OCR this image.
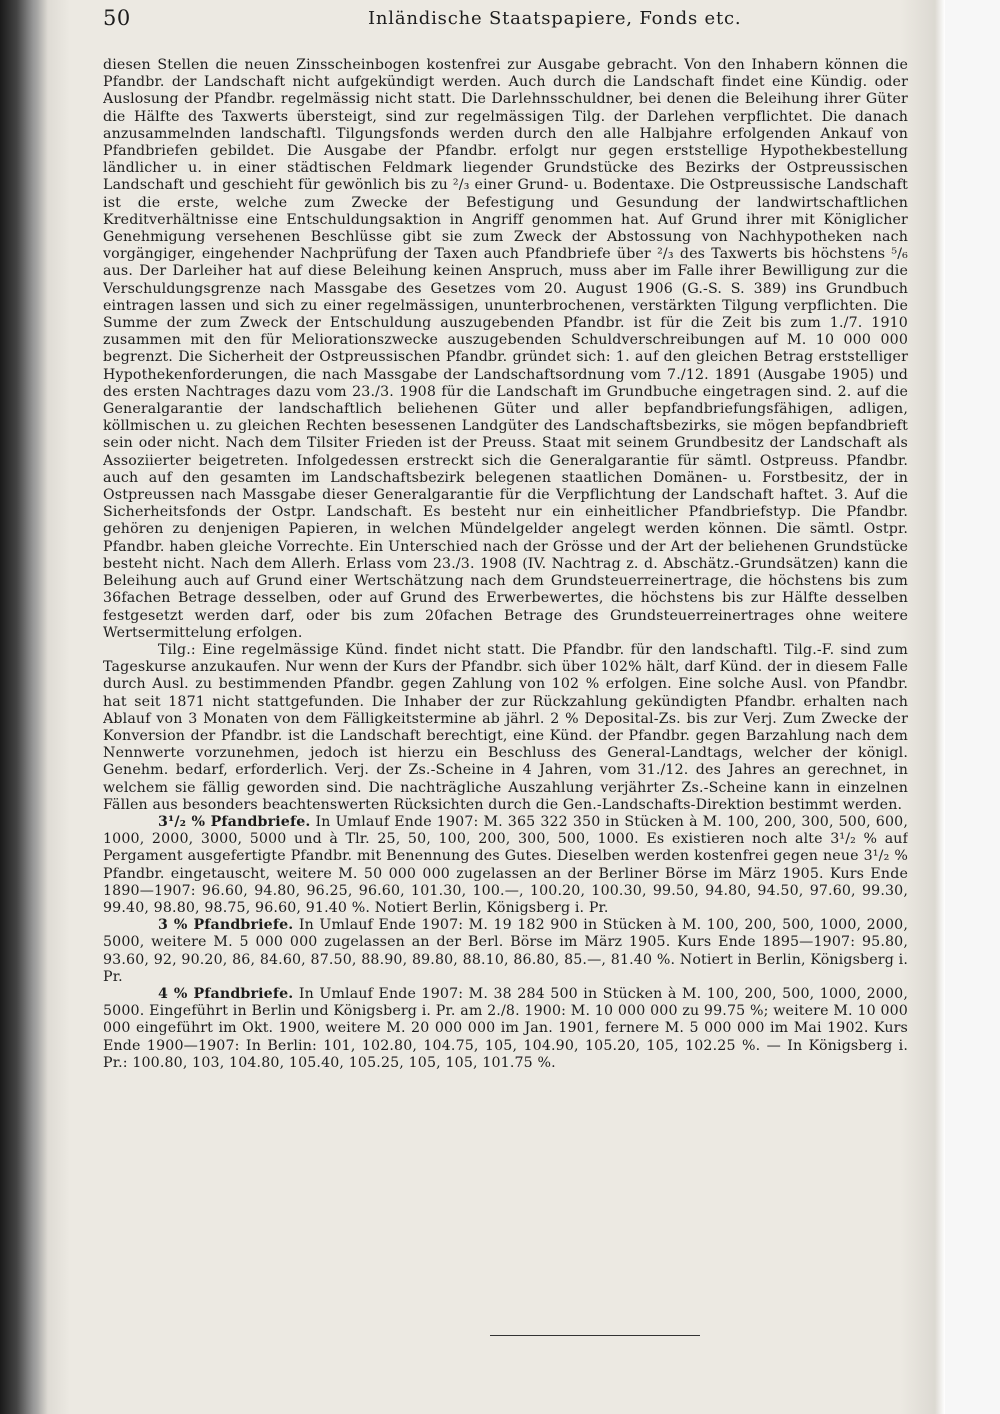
50	Inländische Staatspapiere, Fonds etc.

diesen Stellen die neuen Zinsscheinbogen kostenfrei zur Ausgabe gebracht. Von den Inhabern können die Pfandbr. der Landschaft nicht aufgekündigt werden. Auch durch die Landschaft findet eine Kündig. oder Auslosung der Pfandbr. regelmässig nicht statt. Die Darlehnsschuldner, bei denen die Beleihung ihrer Güter die Hälfte des Taxwerts übersteigt, sind zur regelmässigen Tilg. der Darlehen verpflichtet. Die danach anzusammelnden landschaftl. Tilgungsfonds werden durch den alle Halbjahre erfolgenden Ankauf von Pfandbriefen gebildet. Die Ausgabe der Pfandbr. erfolgt nur gegen erststellige Hypothekbestellung ländlicher u. in einer städtischen Feldmark liegender Grundstücke des Bezirks der Ostpreussischen Landschaft und geschieht für gewönlich bis zu ²/₃ einer Grund- u. Bodentaxe. Die Ostpreussische Landschaft ist die erste, welche zum Zwecke der Befestigung und Gesundung der landwirtschaftlichen Kreditverhältnisse eine Entschuldungsaktion in Angriff genommen hat. Auf Grund ihrer mit Königlicher Genehmigung versehenen Beschlüsse gibt sie zum Zweck der Abstossung von Nachhypotheken nach vorgängiger, eingehender Nachprüfung der Taxen auch Pfandbriefe über ²/₃ des Taxwerts bis höchstens ⁵/₆ aus. Der Darleiher hat auf diese Beleihung keinen Anspruch, muss aber im Falle ihrer Bewilligung zur die Verschuldungsgrenze nach Massgabe des Gesetzes vom 20. August 1906 (G.-S. S. 389) ins Grundbuch eintragen lassen und sich zu einer regelmässigen, ununterbrochenen, verstärkten Tilgung verpflichten. Die Summe der zum Zweck der Entschuldung auszugebenden Pfandbr. ist für die Zeit bis zum 1./7. 1910 zusammen mit den für Meliorationszwecke auszugebenden Schuldverschreibungen auf M. 10 000 000 begrenzt. Die Sicherheit der Ostpreussischen Pfandbr. gründet sich: 1. auf den gleichen Betrag erststelliger Hypothekenforderungen, die nach Massgabe der Landschaftsordnung vom 7./12. 1891 (Ausgabe 1905) und des ersten Nachtrages dazu vom 23./3. 1908 für die Landschaft im Grundbuche eingetragen sind. 2. auf die Generalgarantie der landschaftlich beliehenen Güter und aller bepfandbriefungsfähigen, adligen, köllmischen u. zu gleichen Rechten besessenen Landgüter des Landschaftsbezirks, sie mögen bepfandbrieft sein oder nicht. Nach dem Tilsiter Frieden ist der Preuss. Staat mit seinem Grundbesitz der Landschaft als Assoziierter beigetreten. Infolgedessen erstreckt sich die Generalgarantie für sämtl. Ostpreuss. Pfandbr. auch auf den gesamten im Landschaftsbezirk belegenen staatlichen Domänen- u. Forstbesitz, der in Ostpreussen nach Massgabe dieser Generalgarantie für die Verpflichtung der Landschaft haftet. 3. Auf die Sicherheitsfonds der Ostpr. Landschaft. Es besteht nur ein einheitlicher Pfandbriefstyp. Die Pfandbr. gehören zu denjenigen Papieren, in welchen Mündelgelder angelegt werden können. Die sämtl. Ostpr. Pfandbr. haben gleiche Vorrechte. Ein Unterschied nach der Grösse und der Art der beliehenen Grundstücke besteht nicht. Nach dem Allerh. Erlass vom 23./3. 1908 (IV. Nachtrag z. d. Abschätz.-Grundsätzen) kann die Beleihung auch auf Grund einer Wertschätzung nach dem Grundsteuerreinertrage, die höchstens bis zum 36fachen Betrage desselben, oder auf Grund des Erwerbewertes, die höchstens bis zur Hälfte desselben festgesetzt werden darf, oder bis zum 20fachen Betrage des Grundsteuerreinertrages ohne weitere Wertsermittelung erfolgen.

Tilg.: Eine regelmässige Künd. findet nicht statt. Die Pfandbr. für den landschaftl. Tilg.-F. sind zum Tageskurse anzukaufen. Nur wenn der Kurs der Pfandbr. sich über 102% hält, darf Künd. der in diesem Falle durch Ausl. zu bestimmenden Pfandbr. gegen Zahlung von 102 % erfolgen. Eine solche Ausl. von Pfandbr. hat seit 1871 nicht stattgefunden. Die Inhaber der zur Rückzahlung gekündigten Pfandbr. erhalten nach Ablauf von 3 Monaten von dem Fälligkeitstermine ab jährl. 2 % Deposital-Zs. bis zur Verj. Zum Zwecke der Konversion der Pfandbr. ist die Landschaft berechtigt, eine Künd. der Pfandbr. gegen Barzahlung nach dem Nennwerte vorzunehmen, jedoch ist hierzu ein Beschluss des General-Landtags, welcher der königl. Genehm. bedarf, erforderlich. Verj. der Zs.-Scheine in 4 Jahren, vom 31./12. des Jahres an gerechnet, in welchem sie fällig geworden sind. Die nachträgliche Auszahlung verjährter Zs.-Scheine kann in einzelnen Fällen aus besonders beachtenswerten Rücksichten durch die Gen.-Landschafts-Direktion bestimmt werden.

3¹/₂ % Pfandbriefe. In Umlauf Ende 1907: M. 365 322 350 in Stücken à M. 100, 200, 300, 500, 600, 1000, 2000, 3000, 5000 und à Tlr. 25, 50, 100, 200, 300, 500, 1000. Es existieren noch alte 3¹/₂ % auf Pergament ausgefertigte Pfandbr. mit Benennung des Gutes. Dieselben werden kostenfrei gegen neue 3¹/₂ % Pfandbr. eingetauscht, weitere M. 50 000 000 zugelassen an der Berliner Börse im März 1905. Kurs Ende 1890—1907: 96.60, 94.80, 96.25, 96.60, 101.30, 100.—, 100.20, 100.30, 99.50, 94.80, 94.50, 97.60, 99.30, 99.40, 98.80, 98.75, 96.60, 91.40 %. Notiert Berlin, Königsberg i. Pr.

3 % Pfandbriefe. In Umlauf Ende 1907: M. 19 182 900 in Stücken à M. 100, 200, 500, 1000, 2000, 5000, weitere M. 5 000 000 zugelassen an der Berl. Börse im März 1905. Kurs Ende 1895—1907: 95.80, 93.60, 92, 90.20, 86, 84.60, 87.50, 88.90, 89.80, 88.10, 86.80, 85.—, 81.40 %. Notiert in Berlin, Königsberg i. Pr.

4 % Pfandbriefe. In Umlauf Ende 1907: M. 38 284 500 in Stücken à M. 100, 200, 500, 1000, 2000, 5000. Eingeführt in Berlin und Königsberg i. Pr. am 2./8. 1900: M. 10 000 000 zu 99.75 %; weitere M. 10 000 000 eingeführt im Okt. 1900, weitere M. 20 000 000 im Jan. 1901, fernere M. 5 000 000 im Mai 1902. Kurs Ende 1900—1907: In Berlin: 101, 102.80, 104.75, 105, 104.90, 105.20, 105, 102.25 %. — In Königsberg i. Pr.: 100.80, 103, 104.80, 105.40, 105.25, 105, 105, 101.75 %.
